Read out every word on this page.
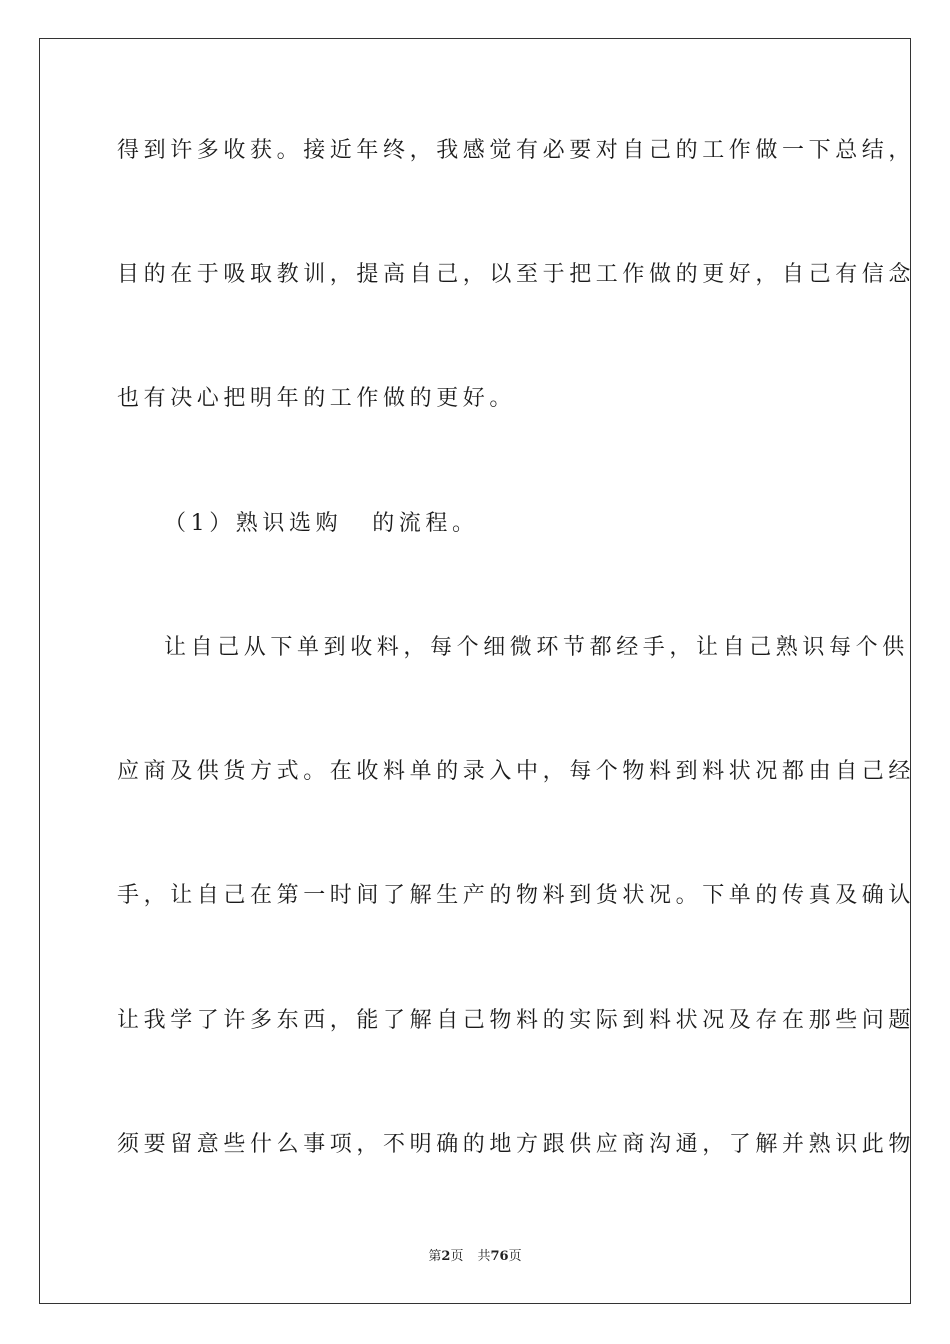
得到许多收获。接近年终，我感觉有必要对自己的工作做一下总结，
目的在于吸取教训，提高自己，以至于把工作做的更好，自己有信念
也有决心把明年的工作做的更好。
（1）熟识选购 的流程。
让自己从下单到收料，每个细微环节都经手，让自己熟识每个供
应商及供货方式。在收料单的录入中，每个物料到料状况都由自己经
手，让自己在第一时间了解生产的物料到货状况。下单的传真及确认
让我学了许多东西，能了解自己物料的实际到料状况及存在那些问题
须要留意些什么事项，不明确的地方跟供应商沟通，了解并熟识此物
第2页 共76页
